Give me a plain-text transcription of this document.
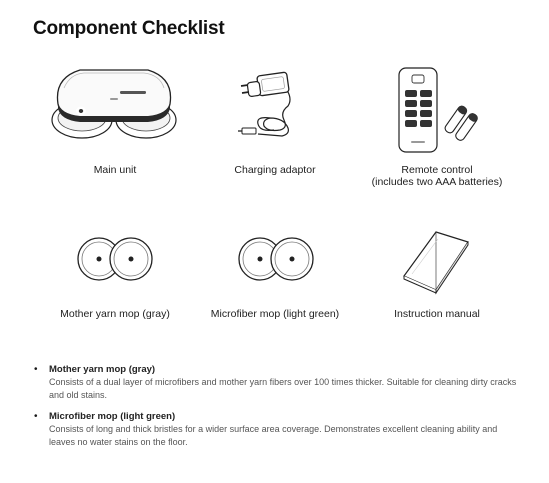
Component Checklist
Main unit	Charging adaptor	Remote control
(includes two AAA batteries)
Mother yarn mop (gray)	Microfiber mop (light green)	Instruction manual
• Mother yarn mop (gray)
Consists of a dual layer of microfibers and mother yarn fibers over 100 times thicker. Suitable for cleaning dirty cracks and old stains.
• Microfiber mop (light green)
Consists of long and thick bristles for a wider surface area coverage. Demonstrates excellent cleaning ability and leaves no water stains on the floor.
